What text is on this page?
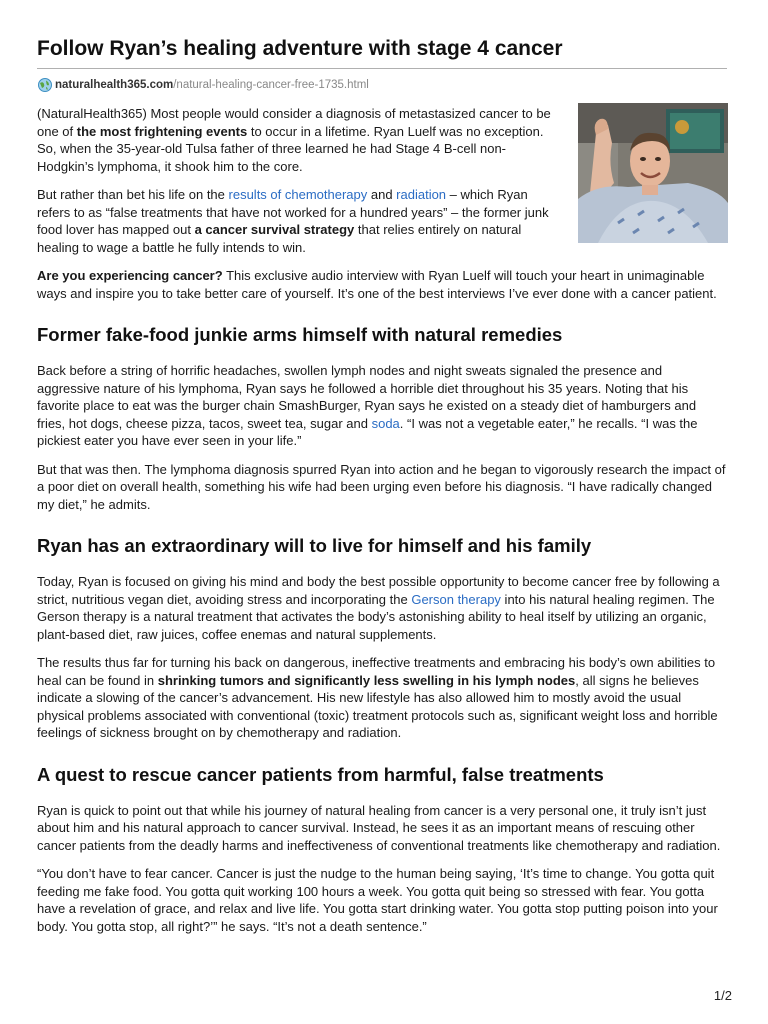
Follow Ryan’s healing adventure with stage 4 cancer
naturalhealth365.com /natural-healing-cancer-free-1735.html

(NaturalHealth365) Most people would consider a diagnosis of metastasized cancer to be one of the most frightening events to occur in a lifetime. Ryan Luelf was no exception. So, when the 35-year-old Tulsa father of three learned he had Stage 4 B-cell non-Hodgkin’s lymphoma, it shook him to the core.

But rather than bet his life on the results of chemotherapy and radiation – which Ryan refers to as “false treatments that have not worked for a hundred years” – the former junk food lover has mapped out a cancer survival strategy that relies entirely on natural healing to wage a battle he fully intends to win.

Are you experiencing cancer? This exclusive audio interview with Ryan Luelf will touch your heart in unimaginable ways and inspire you to take better care of yourself. It’s one of the best interviews I’ve ever done with a cancer patient.

Former fake-food junkie arms himself with natural remedies

Back before a string of horrific headaches, swollen lymph nodes and night sweats signaled the presence and aggressive nature of his lymphoma, Ryan says he followed a horrible diet throughout his 35 years. Noting that his favorite place to eat was the burger chain SmashBurger, Ryan says he existed on a steady diet of hamburgers and fries, hot dogs, cheese pizza, tacos, sweet tea, sugar and soda. “I was not a vegetable eater,” he recalls. “I was the pickiest eater you have ever seen in your life.”

But that was then. The lymphoma diagnosis spurred Ryan into action and he began to vigorously research the impact of a poor diet on overall health, something his wife had been urging even before his diagnosis. “I have radically changed my diet,” he admits.

Ryan has an extraordinary will to live for himself and his family

Today, Ryan is focused on giving his mind and body the best possible opportunity to become cancer free by following a strict, nutritious vegan diet, avoiding stress and incorporating the Gerson therapy into his natural healing regimen. The Gerson therapy is a natural treatment that activates the body’s astonishing ability to heal itself by utilizing an organic, plant-based diet, raw juices, coffee enemas and natural supplements.

The results thus far for turning his back on dangerous, ineffective treatments and embracing his body’s own abilities to heal can be found in shrinking tumors and significantly less swelling in his lymph nodes, all signs he believes indicate a slowing of the cancer’s advancement. His new lifestyle has also allowed him to mostly avoid the usual physical problems associated with conventional (toxic) treatment protocols such as, significant weight loss and horrible feelings of sickness brought on by chemotherapy and radiation.

A quest to rescue cancer patients from harmful, false treatments

Ryan is quick to point out that while his journey of natural healing from cancer is a very personal one, it truly isn’t just about him and his natural approach to cancer survival. Instead, he sees it as an important means of rescuing other cancer patients from the deadly harms and ineffectiveness of conventional treatments like chemotherapy and radiation.

“You don’t have to fear cancer. Cancer is just the nudge to the human being saying, ‘It’s time to change. You gotta quit feeding me fake food. You gotta quit working 100 hours a week. You gotta quit being so stressed with fear. You gotta have a revelation of grace, and relax and live life. You gotta start drinking water. You gotta stop putting poison into your body. You gotta stop, all right?’” he says. “It’s not a death sentence.”

1/2
